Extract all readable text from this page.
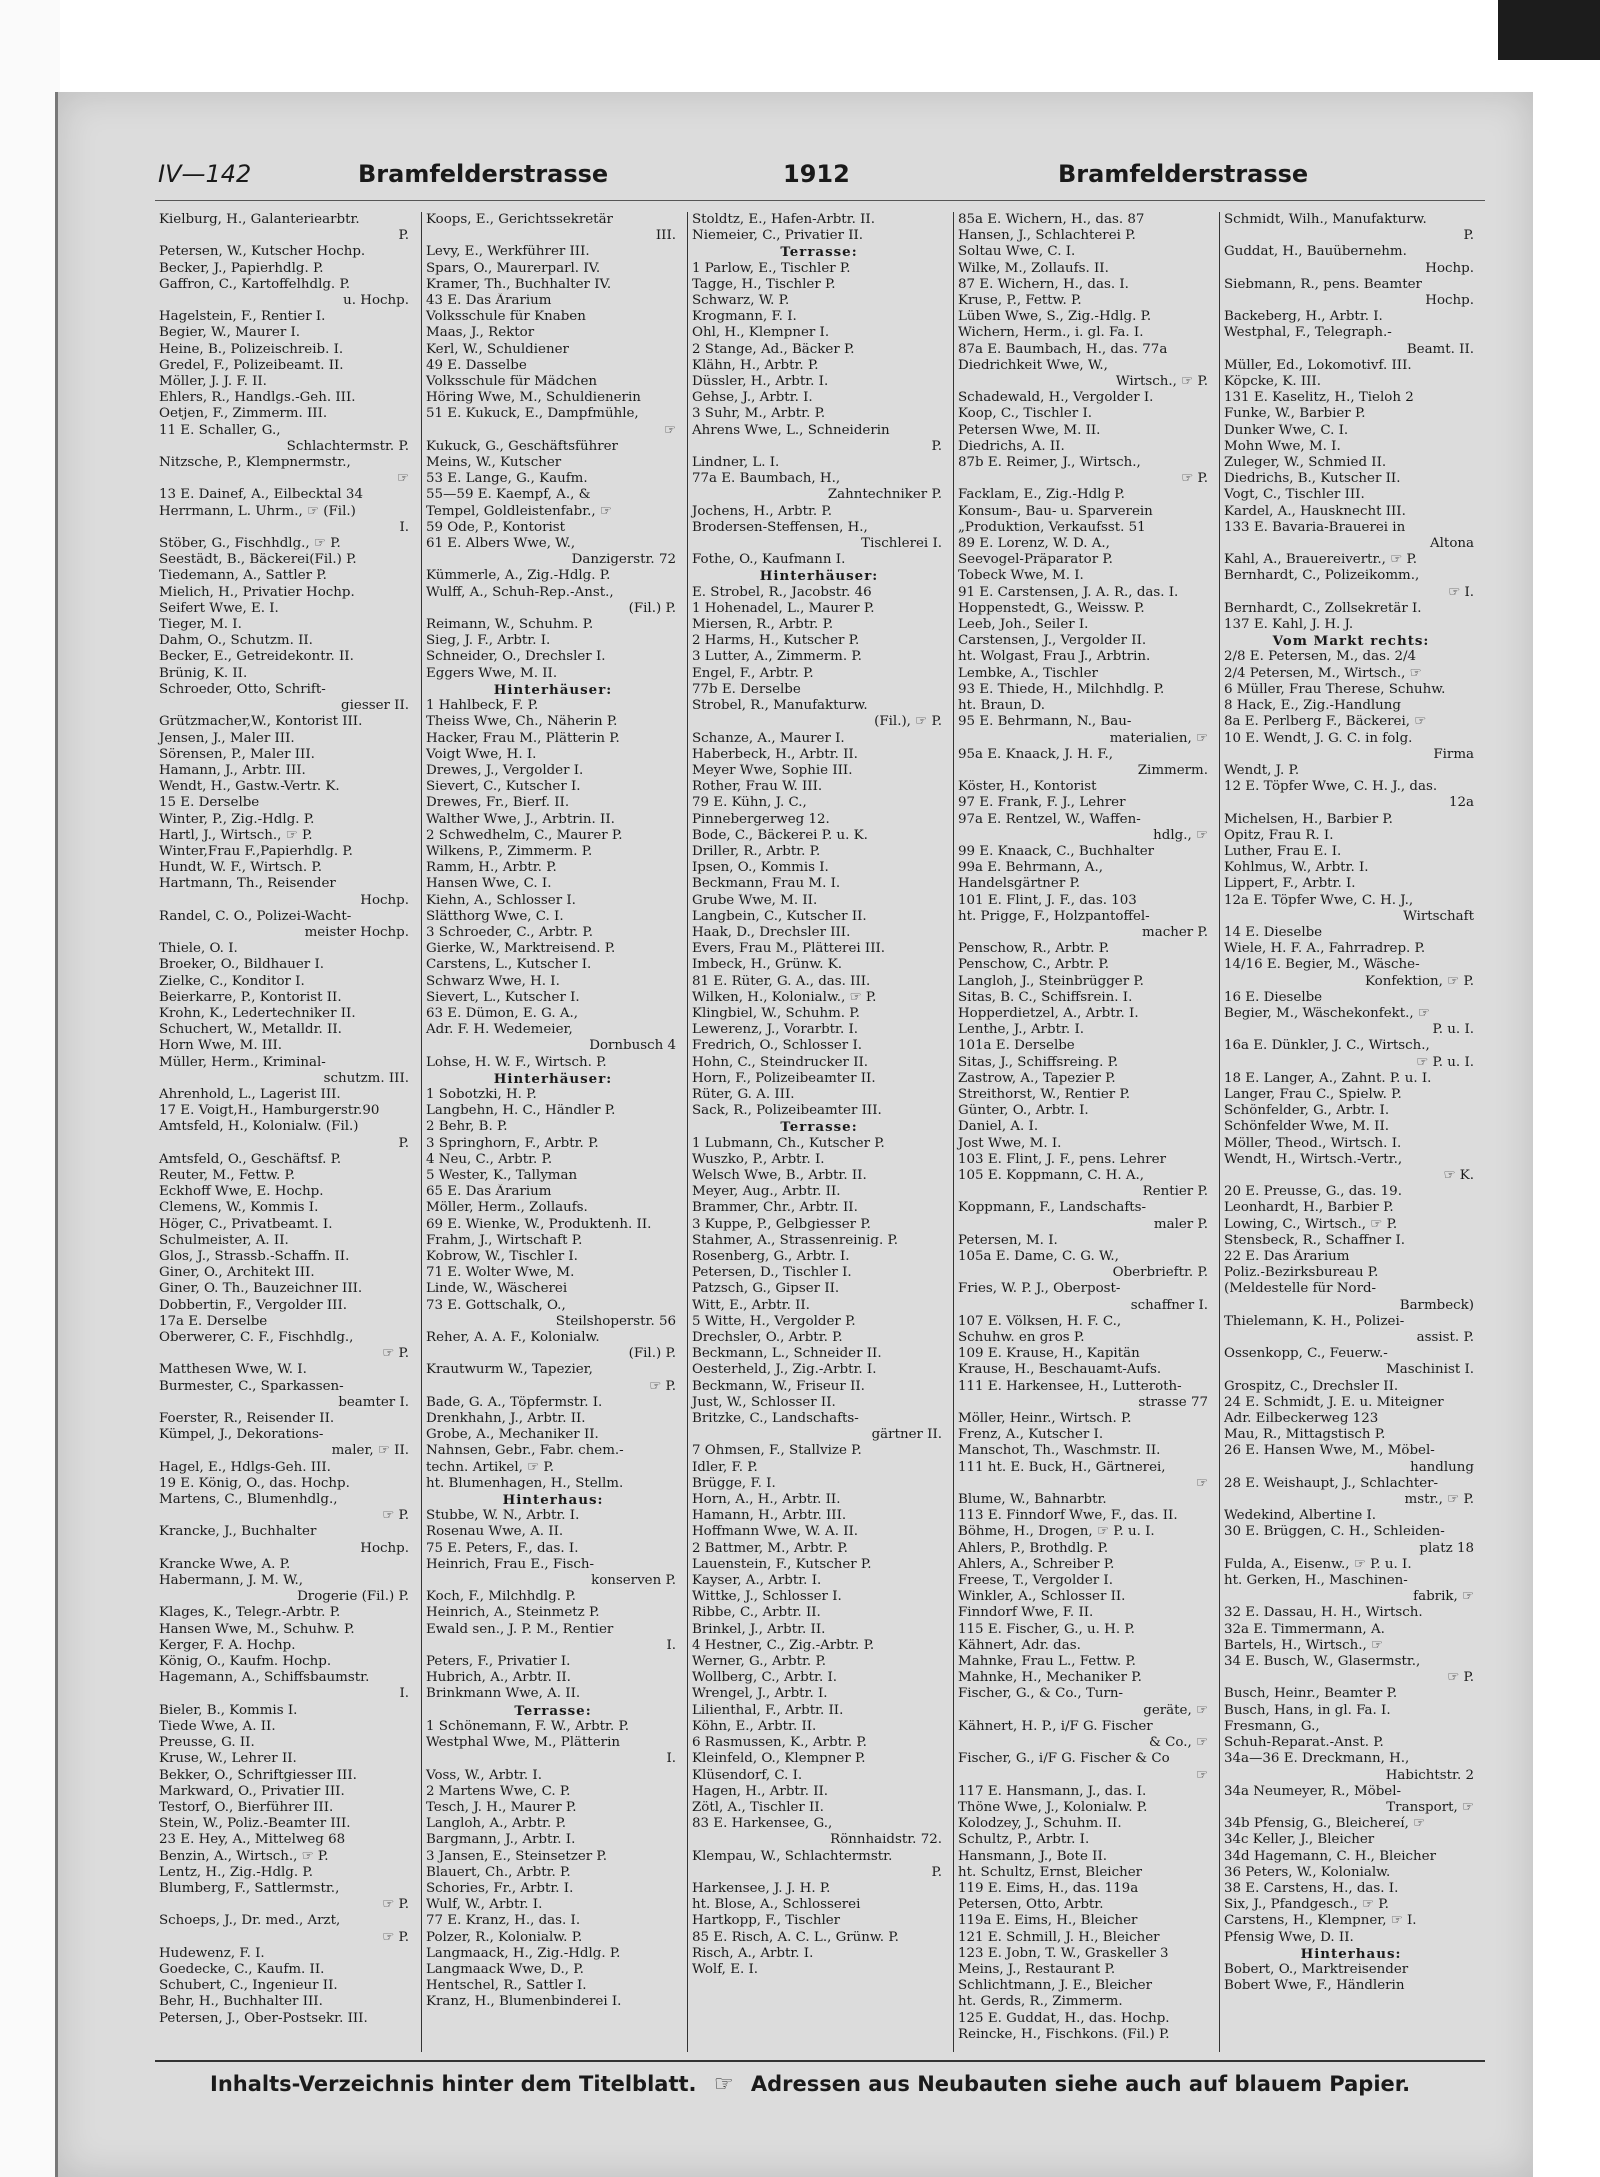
IV—142	Bramfelderstrasse	1912	Bramfelderstrasse
Kielburg, H., Galanteriearbtr.
P.
Petersen, W., Kutscher Hochp.
Becker, J., Papierhdlg. P.
Gaffron, C., Kartoffelhdlg. P.
u. Hochp.
Hagelstein, F., Rentier I.
Begier, W., Maurer I.
Heine, B., Polizeischreib. I.
Gredel, F., Polizeibeamt. II.
Möller, J. J. F. II.
Ehlers, R., Handlgs.-Geh. III.
Oetjen, F., Zimmerm. III.
11 E. Schaller, G.,
Schlachtermstr. P.
Nitzsche, P., Klempnermstr.,
☞
13 E. Dainef, A., Eilbecktal 34
Herrmann, L. Uhrm., ☞ (Fil.)
I.
Stöber, G., Fischhdlg., ☞ P.
Seestädt, B., Bäckerei(Fil.) P.
Tiedemann, A., Sattler P.
Mielich, H., Privatier Hochp.
Seifert Wwe, E. I.
Tieger, M. I.
Dahm, O., Schutzm. II.
Becker, E., Getreidekontr. II.
Brünig, K. II.
Schroeder, Otto, Schrift-
giesser II.
Grützmacher,W., Kontorist III.
Jensen, J., Maler III.
Sörensen, P., Maler III.
Hamann, J., Arbtr. III.
Wendt, H., Gastw.-Vertr. K.
15 E. Derselbe
Winter, P., Zig.-Hdlg. P.
Hartl, J., Wirtsch., ☞ P.
Winter,Frau F.,Papierhdlg. P.
Hundt, W. F., Wirtsch. P.
Hartmann, Th., Reisender
Hochp.
Randel, C. O., Polizei-Wacht-
meister Hochp.
Thiele, O. I.
Broeker, O., Bildhauer I.
Zielke, C., Konditor I.
Beierkarre, P., Kontorist II.
Krohn, K., Ledertechniker II.
Schuchert, W., Metalldr. II.
Horn Wwe, M. III.
Müller, Herm., Kriminal-
schutzm. III.
Ahrenhold, L., Lagerist III.
17 E. Voigt,H., Hamburgerstr.90
Amtsfeld, H., Kolonialw. (Fil.)
P.
Amtsfeld, O., Geschäftsf. P.
Reuter, M., Fettw. P.
Eckhoff Wwe, E. Hochp.
Clemens, W., Kommis I.
Höger, C., Privatbeamt. I.
Schulmeister, A. II.
Glos, J., Strassb.-Schaffn. II.
Giner, O., Architekt III.
Giner, O. Th., Bauzeichner III.
Dobbertin, F., Vergolder III.
17a E. Derselbe
Oberwerer, C. F., Fischhdlg.,
☞ P.
Matthesen Wwe, W. I.
Burmester, C., Sparkassen-
beamter I.
Foerster, R., Reisender II.
Kümpel, J., Dekorations-
maler, ☞ II.
Hagel, E., Hdlgs-Geh. III.
19 E. König, O., das. Hochp.
Martens, C., Blumenhdlg.,
☞ P.
Krancke, J., Buchhalter
Hochp.
Krancke Wwe, A. P.
Habermann, J. M. W.,
Drogerie (Fil.) P.
Klages, K., Telegr.-Arbtr. P.
Hansen Wwe, M., Schuhw. P.
Kerger, F. A. Hochp.
König, O., Kaufm. Hochp.
Hagemann, A., Schiffsbaumstr.
I.
Bieler, B., Kommis I.
Tiede Wwe, A. II.
Preusse, G. II.
Kruse, W., Lehrer II.
Bekker, O., Schriftgiesser III.
Markward, O., Privatier III.
Testorf, O., Bierführer III.
Stein, W., Poliz.-Beamter III.
23 E. Hey, A., Mittelweg 68
Benzin, A., Wirtsch., ☞ P.
Lentz, H., Zig.-Hdlg. P.
Blumberg, F., Sattlermstr.,
☞ P.
Schoeps, J., Dr. med., Arzt,
☞ P.
Hudewenz, F. I.
Goedecke, C., Kaufm. II.
Schubert, C., Ingenieur II.
Behr, H., Buchhalter III.
Petersen, J., Ober-Postsekr. III.
Koops, E., Gerichtssekretär
III.
Levy, E., Werkführer III.
Spars, O., Maurerparl. IV.
Kramer, Th., Buchhalter IV.
43 E. Das Ärarium
Volksschule für Knaben
Maas, J., Rektor
Kerl, W., Schuldiener
49 E. Dasselbe
Volksschule für Mädchen
Höring Wwe, M., Schuldienerin
51 E. Kukuck, E., Dampfmühle,
☞
Kukuck, G., Geschäftsführer
Meins, W., Kutscher
53 E. Lange, G., Kaufm.
55—59 E. Kaempf, A., &
Tempel, Goldleistenfabr., ☞
59 Ode, P., Kontorist
61 E. Albers Wwe, W.,
Danzigerstr. 72
Kümmerle, A., Zig.-Hdlg. P.
Wulff, A., Schuh-Rep.-Anst.,
(Fil.) P.
Reimann, W., Schuhm. P.
Sieg, J. F., Arbtr. I.
Schneider, O., Drechsler I.
Eggers Wwe, M. II.
Hinterhäuser:
1 Hahlbeck, F. P.
Theiss Wwe, Ch., Näherin P.
Hacker, Frau M., Plätterin P.
Voigt Wwe, H. I.
Drewes, J., Vergolder I.
Sievert, C., Kutscher I.
Drewes, Fr., Bierf. II.
Walther Wwe, J., Arbtrin. II.
2 Schwedhelm, C., Maurer P.
Wilkens, P., Zimmerm. P.
Ramm, H., Arbtr. P.
Hansen Wwe, C. I.
Kiehn, A., Schlosser I.
Slätthorg Wwe, C. I.
3 Schroeder, C., Arbtr. P.
Gierke, W., Marktreisend. P.
Carstens, L., Kutscher I.
Schwarz Wwe, H. I.
Sievert, L., Kutscher I.
63 E. Dümon, E. G. A.,
Adr. F. H. Wedemeier,
Dornbusch 4
Lohse, H. W. F., Wirtsch. P.
Hinterhäuser:
1 Sobotzki, H. P.
Langbehn, H. C., Händler P.
2 Behr, B. P.
3 Springhorn, F., Arbtr. P.
4 Neu, C., Arbtr. P.
5 Wester, K., Tallyman
65 E. Das Ärarium
Möller, Herm., Zollaufs.
69 E. Wienke, W., Produktenh. II.
Frahm, J., Wirtschaft P.
Kobrow, W., Tischler I.
71 E. Wolter Wwe, M.
Linde, W., Wäscherei
73 E. Gottschalk, O.,
Steilshoperstr. 56
Reher, A. A. F., Kolonialw.
(Fil.) P.
Krautwurm W., Tapezier,
☞ P.
Bade, G. A., Töpfermstr. I.
Drenkhahn, J., Arbtr. II.
Grobe, A., Mechaniker II.
Nahnsen, Gebr., Fabr. chem.-
techn. Artikel, ☞ P.
ht. Blumenhagen, H., Stellm.
Hinterhaus:
Stubbe, W. N., Arbtr. I.
Rosenau Wwe, A. II.
75 E. Peters, F., das. I.
Heinrich, Frau E., Fisch-
konserven P.
Koch, F., Milchhdlg. P.
Heinrich, A., Steinmetz P.
Ewald sen., J. P. M., Rentier
I.
Peters, F., Privatier I.
Hubrich, A., Arbtr. II.
Brinkmann Wwe, A. II.
Terrasse:
1 Schönemann, F. W., Arbtr. P.
Westphal Wwe, M., Plätterin
I.
Voss, W., Arbtr. I.
2 Martens Wwe, C. P.
Tesch, J. H., Maurer P.
Langloh, A., Arbtr. P.
Bargmann, J., Arbtr. I.
3 Jansen, E., Steinsetzer P.
Blauert, Ch., Arbtr. P.
Schories, Fr., Arbtr. I.
Wulf, W., Arbtr. I.
77 E. Kranz, H., das. I.
Polzer, R., Kolonialw. P.
Langmaack, H., Zig.-Hdlg. P.
Langmaack Wwe, D., P.
Hentschel, R., Sattler I.
Kranz, H., Blumenbinderei I.
Stoldtz, E., Hafen-Arbtr. II.
Niemeier, C., Privatier II.
Terrasse:
1 Parlow, E., Tischler P.
Tagge, H., Tischler P.
Schwarz, W. P.
Krogmann, F. I.
Ohl, H., Klempner I.
2 Stange, Ad., Bäcker P.
Klähn, H., Arbtr. P.
Düssler, H., Arbtr. I.
Gehse, J., Arbtr. I.
3 Suhr, M., Arbtr. P.
Ahrens Wwe, L., Schneiderin
P.
Lindner, L. I.
77a E. Baumbach, H.,
Zahntechniker P.
Jochens, H., Arbtr. P.
Brodersen-Steffensen, H.,
Tischlerei I.
Fothe, O., Kaufmann I.
Hinterhäuser:
E. Strobel, R., Jacobstr. 46
1 Hohenadel, L., Maurer P.
Miersen, R., Arbtr. P.
2 Harms, H., Kutscher P.
3 Lutter, A., Zimmerm. P.
Engel, F., Arbtr. P.
77b E. Derselbe
Strobel, R., Manufakturw.
(Fil.), ☞ P.
Schanze, A., Maurer I.
Haberbeck, H., Arbtr. II.
Meyer Wwe, Sophie III.
Rother, Frau W. III.
79 E. Kühn, J. C.,
Pinnebergerweg 12.
Bode, C., Bäckerei P. u. K.
Driller, R., Arbtr. P.
Ipsen, O., Kommis I.
Beckmann, Frau M. I.
Grube Wwe, M. II.
Langbein, C., Kutscher II.
Haak, D., Drechsler III.
Evers, Frau M., Plätterei III.
Imbeck, H., Grünw. K.
81 E. Rüter, G. A., das. III.
Wilken, H., Kolonialw., ☞ P.
Klingbiel, W., Schuhm. P.
Lewerenz, J., Vorarbtr. I.
Fredrich, O., Schlosser I.
Hohn, C., Steindrucker II.
Horn, F., Polizeibeamter II.
Rüter, G. A. III.
Sack, R., Polizeibeamter III.
Terrasse:
1 Lubmann, Ch., Kutscher P.
Wuszko, P., Arbtr. I.
Welsch Wwe, B., Arbtr. II.
Meyer, Aug., Arbtr. II.
Brammer, Chr., Arbtr. II.
3 Kuppe, P., Gelbgiesser P.
Stahmer, A., Strassenreinig. P.
Rosenberg, G., Arbtr. I.
Petersen, D., Tischler I.
Patzsch, G., Gipser II.
Witt, E., Arbtr. II.
5 Witte, H., Vergolder P.
Drechsler, O., Arbtr. P.
Beckmann, L., Schneider II.
Oesterheld, J., Zig.-Arbtr. I.
Beckmann, W., Friseur II.
Just, W., Schlosser II.
Britzke, C., Landschafts-
gärtner II.
7 Ohmsen, F., Stallvize P.
Idler, F. P.
Brügge, F. I.
Horn, A., H., Arbtr. II.
Hamann, H., Arbtr. III.
Hoffmann Wwe, W. A. II.
2 Battmer, M., Arbtr. P.
Lauenstein, F., Kutscher P.
Kayser, A., Arbtr. I.
Wittke, J., Schlosser I.
Ribbe, C., Arbtr. II.
Brinkel, J., Arbtr. II.
4 Hestner, C., Zig.-Arbtr. P.
Werner, G., Arbtr. P.
Wollberg, C., Arbtr. I.
Wrengel, J., Arbtr. I.
Lilienthal, F., Arbtr. II.
Köhn, E., Arbtr. II.
6 Rasmussen, K., Arbtr. P.
Kleinfeld, O., Klempner P.
Klüsendorf, C. I.
Hagen, H., Arbtr. II.
Zötl, A., Tischler II.
83 E. Harkensee, G.,
Rönnhaidstr. 72.
Klempau, W., Schlachtermstr.
P.
Harkensee, J. J. H. P.
ht. Blose, A., Schlosserei
Hartkopp, F., Tischler
85 E. Risch, A. C. L., Grünw. P.
Risch, A., Arbtr. I.
Wolf, E. I.
85a E. Wichern, H., das. 87
Hansen, J., Schlachterei P.
Soltau Wwe, C. I.
Wilke, M., Zollaufs. II.
87 E. Wichern, H., das. I.
Kruse, P., Fettw. P.
Lüben Wwe, S., Zig.-Hdlg. P.
Wichern, Herm., i. gl. Fa. I.
87a E. Baumbach, H., das. 77a
Diedrichkeit Wwe, W.,
Wirtsch., ☞ P.
Schadewald, H., Vergolder I.
Koop, C., Tischler I.
Petersen Wwe, M. II.
Diedrichs, A. II.
87b E. Reimer, J., Wirtsch.,
☞ P.
Facklam, E., Zig.-Hdlg P.
Konsum-, Bau- u. Sparverein
„Produktion, Verkaufsst. 51
89 E. Lorenz, W. D. A.,
Seevogel-Präparator P.
Tobeck Wwe, M. I.
91 E. Carstensen, J. A. R., das. I.
Hoppenstedt, G., Weissw. P.
Leeb, Joh., Seiler I.
Carstensen, J., Vergolder II.
ht. Wolgast, Frau J., Arbtrin.
Lembke, A., Tischler
93 E. Thiede, H., Milchhdlg. P.
ht. Braun, D.
95 E. Behrmann, N., Bau-
materialien, ☞
95a E. Knaack, J. H. F.,
Zimmerm.
Köster, H., Kontorist
97 E. Frank, F. J., Lehrer
97a E. Rentzel, W., Waffen-
hdlg., ☞
99 E. Knaack, C., Buchhalter
99a E. Behrmann, A.,
Handelsgärtner P.
101 E. Flint, J. F., das. 103
ht. Prigge, F., Holzpantoffel-
macher P.
Penschow, R., Arbtr. P.
Penschow, C., Arbtr. P.
Langloh, J., Steinbrügger P.
Sitas, B. C., Schiffsrein. I.
Hopperdietzel, A., Arbtr. I.
Lenthe, J., Arbtr. I.
101a E. Derselbe
Sitas, J., Schiffsreing. P.
Zastrow, A., Tapezier P.
Streithorst, W., Rentier P.
Günter, O., Arbtr. I.
Daniel, A. I.
Jost Wwe, M. I.
103 E. Flint, J. F., pens. Lehrer
105 E. Koppmann, C. H. A.,
Rentier P.
Koppmann, F., Landschafts-
maler P.
Petersen, M. I.
105a E. Dame, C. G. W.,
Oberbrieftr. P.
Fries, W. P. J., Oberpost-
schaffner I.
107 E. Völksen, H. F. C.,
Schuhw. en gros P.
109 E. Krause, H., Kapitän
Krause, H., Beschauamt-Aufs.
111 E. Harkensee, H., Lutteroth-
strasse 77
Möller, Heinr., Wirtsch. P.
Frenz, A., Kutscher I.
Manschot, Th., Waschmstr. II.
111 ht. E. Buck, H., Gärtnerei,
☞
Blume, W., Bahnarbtr.
113 E. Finndorf Wwe, F., das. II.
Böhme, H., Drogen, ☞ P. u. I.
Ahlers, P., Brothdlg. P.
Ahlers, A., Schreiber P.
Freese, T., Vergolder I.
Winkler, A., Schlosser II.
Finndorf Wwe, F. II.
115 E. Fischer, G., u. H. P.
Kähnert, Adr. das.
Mahnke, Frau L., Fettw. P.
Mahnke, H., Mechaniker P.
Fischer, G., & Co., Turn-
geräte, ☞
Kähnert, H. P., i/F G. Fischer
& Co., ☞
Fischer, G., i/F G. Fischer & Co
☞
117 E. Hansmann, J., das. I.
Thöne Wwe, J., Kolonialw. P.
Kolodzey, J., Schuhm. II.
Schultz, P., Arbtr. I.
Hansmann, J., Bote II.
ht. Schultz, Ernst, Bleicher
119 E. Eims, H., das. 119a
Petersen, Otto, Arbtr.
119a E. Eims, H., Bleicher
121 E. Schmill, J. H., Bleicher
123 E. Jobn, T. W., Graskeller 3
Meins, J., Restaurant P.
Schlichtmann, J. E., Bleicher
ht. Gerds, R., Zimmerm.
125 E. Guddat, H., das. Hochp.
Reincke, H., Fischkons. (Fil.) P.
Schmidt, Wilh., Manufakturw.
P.
Guddat, H., Bauübernehm.
Hochp.
Siebmann, R., pens. Beamter
Hochp.
Backeberg, H., Arbtr. I.
Westphal, F., Telegraph.-
Beamt. II.
Müller, Ed., Lokomotivf. III.
Köpcke, K. III.
131 E. Kaselitz, H., Tieloh 2
Funke, W., Barbier P.
Dunker Wwe, C. I.
Mohn Wwe, M. I.
Zuleger, W., Schmied II.
Diedrichs, B., Kutscher II.
Vogt, C., Tischler III.
Kardel, A., Hausknecht III.
133 E. Bavaria-Brauerei in
Altona
Kahl, A., Brauereivertr., ☞ P.
Bernhardt, C., Polizeikomm.,
☞ I.
Bernhardt, C., Zollsekretär I.
137 E. Kahl, J. H. J.
Vom Markt rechts:
2/8 E. Petersen, M., das. 2/4
2/4 Petersen, M., Wirtsch., ☞
6 Müller, Frau Therese, Schuhw.
8 Hack, E., Zig.-Handlung
8a E. Perlberg F., Bäckerei, ☞
10 E. Wendt, J. G. C. in folg.
Firma
Wendt, J. P.
12 E. Töpfer Wwe, C. H. J., das.
12a
Michelsen, H., Barbier P.
Opitz, Frau R. I.
Luther, Frau E. I.
Kohlmus, W., Arbtr. I.
Lippert, F., Arbtr. I.
12a E. Töpfer Wwe, C. H. J.,
Wirtschaft
14 E. Dieselbe
Wiele, H. F. A., Fahrradrep. P.
14/16 E. Begier, M., Wäsche-
Konfektion, ☞ P.
16 E. Dieselbe
Begier, M., Wäschekonfekt., ☞
P. u. I.
16a E. Dünkler, J. C., Wirtsch.,
☞ P. u. I.
18 E. Langer, A., Zahnt. P. u. I.
Langer, Frau C., Spielw. P.
Schönfelder, G., Arbtr. I.
Schönfelder Wwe, M. II.
Möller, Theod., Wirtsch. I.
Wendt, H., Wirtsch.-Vertr.,
☞ K.
20 E. Preusse, G., das. 19.
Leonhardt, H., Barbier P.
Lowing, C., Wirtsch., ☞ P.
Stensbeck, R., Schaffner I.
22 E. Das Ärarium
Poliz.-Bezirksbureau P.
(Meldestelle für Nord-
Barmbeck)
Thielemann, K. H., Polizei-
assist. P.
Ossenkopp, C., Feuerw.-
Maschinist I.
Grospitz, C., Drechsler II.
24 E. Schmidt, J. E. u. Miteigner
Adr. Eilbeckerweg 123
Mau, R., Mittagstisch P.
26 E. Hansen Wwe, M., Möbel-
handlung
28 E. Weishaupt, J., Schlachter-
mstr., ☞ P.
Wedekind, Albertine I.
30 E. Brüggen, C. H., Schleiden-
platz 18
Fulda, A., Eisenw., ☞ P. u. I.
ht. Gerken, H., Maschinen-
fabrik, ☞
32 E. Dassau, H. H., Wirtsch.
32a E. Timmermann, A.
Bartels, H., Wirtsch., ☞
34 E. Busch, W., Glasermstr.,
☞ P.
Busch, Heinr., Beamter P.
Busch, Hans, in gl. Fa. I.
Fresmann, G.,
Schuh-Reparat.-Anst. P.
34a—36 E. Dreckmann, H.,
Habichtstr. 2
34a Neumeyer, R., Möbel-
Transport, ☞
34b Pfensig, G., Bleichereí, ☞
34c Keller, J., Bleicher
34d Hagemann, C. H., Bleicher
36 Peters, W., Kolonialw.
38 E. Carstens, H., das. I.
Six, J., Pfandgesch., ☞ P.
Carstens, H., Klempner, ☞ I.
Pfensig Wwe, D. II.
Hinterhaus:
Bobert, O., Marktreisender
Bobert Wwe, F., Händlerin
Inhalts-Verzeichnis hinter dem Titelblatt. ☞ Adressen aus Neubauten siehe auch auf blauem Papier.
